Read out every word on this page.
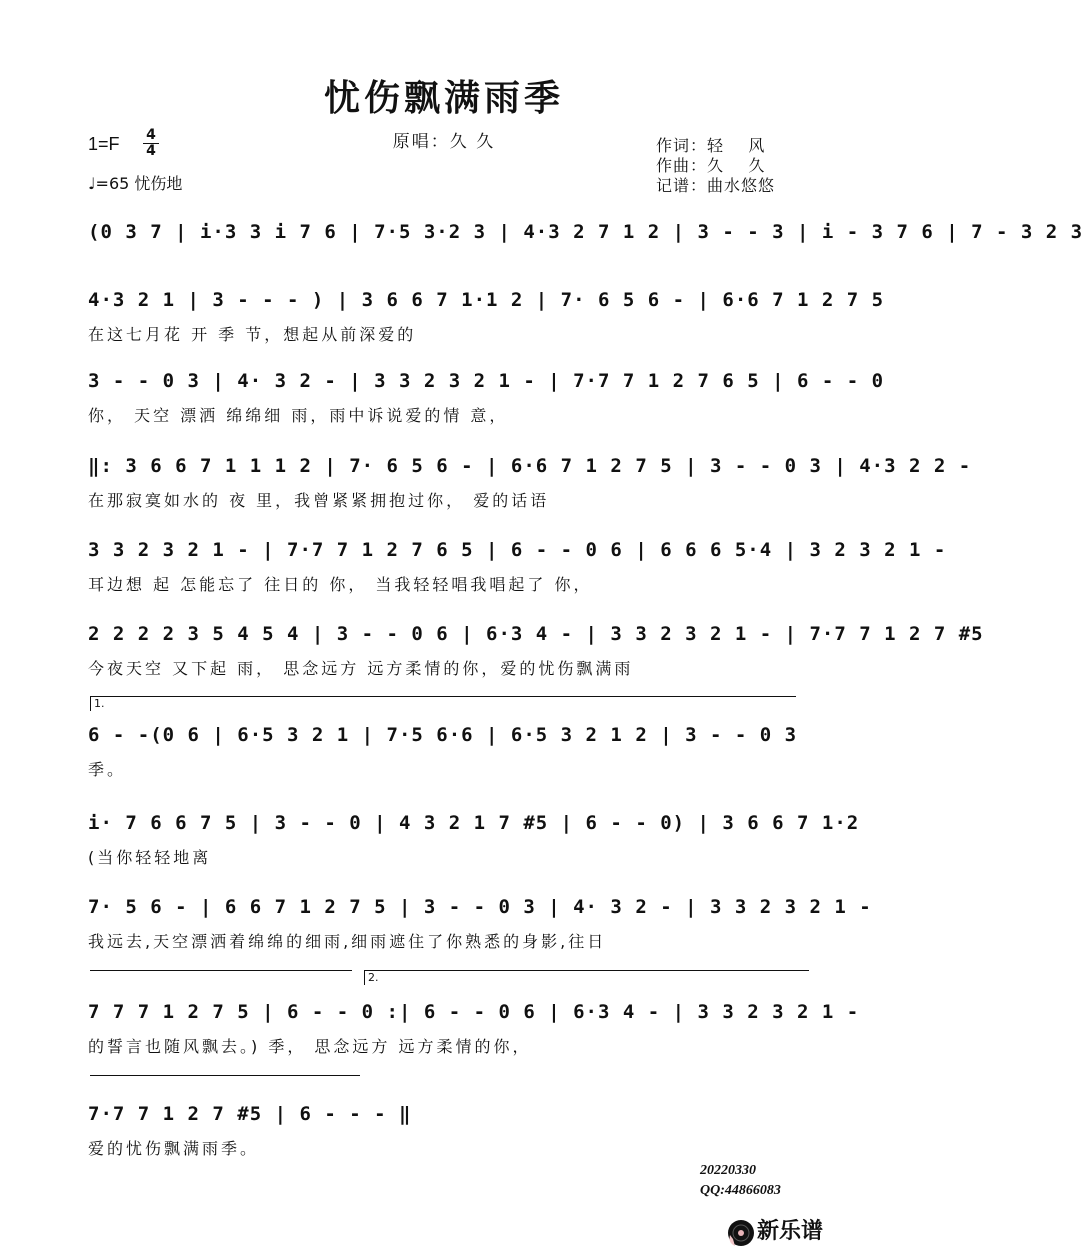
忧伤飘满雨季
原唱：久 久
1=F 4
4
♩=65 忧伤地
作词：轻    风
作曲：久    久
记谱：曲水悠悠
(0 3 7 | i·3 3 i 7 6 | 7·5 3·2 3 | 4·3 2 7 1 2 | 3 - - 3 | i - 3 7 6 | 7 - 3 2 3
4·3 2 1 | 3 - - - ) | 3 6 6 7 1·1 2 | 7· 6 5 6 - | 6·6 7 1 2 7 5
在这七月花 开 季 节，想起从前深爱的
3 - - 0 3 | 4· 3 2 - | 3 3 2 3 2 1 - | 7·7 7 1 2 7 6 5 | 6 - - 0
你， 天空 漂洒 绵绵细 雨，雨中诉说爱的情 意，
‖: 3 6 6 7 1 1 1 2 | 7· 6 5 6 - | 6·6 7 1 2 7 5 | 3 - - 0 3 | 4·3 2 2 -
在那寂寞如水的 夜 里，我曾紧紧拥抱过你， 爱的话语
3 3 2 3 2 1 - | 7·7 7 1 2 7 6 5 | 6 - - 0 6 | 6 6 6 5·4 | 3 2 3 2 1 -
耳边想 起 怎能忘了 往日的 你， 当我轻轻唱我唱起了 你，
2 2 2 2 3 5 4 5 4 | 3 - - 0 6 | 6·3 4 - | 3 3 2 3 2 1 - | 7·7 7 1 2 7 #5
今夜天空 又下起 雨， 思念远方 远方柔情的你，爱的忧伤飘满雨
1.
6 - -(0 6 | 6·5 3 2 1 | 7·5 6·6 | 6·5 3 2 1 2 | 3 - - 0 3
季。
i· 7 6 6 7 5 | 3 - - 0 | 4 3 2 1 7 #5 | 6 - - 0) | 3 6 6 7 1·2
(当你轻轻地离
7· 5 6 - | 6 6 7 1 2 7 5 | 3 - - 0 3 | 4· 3 2 - | 3 3 2 3 2 1 -
我远去,天空漂洒着绵绵的细雨,细雨遮住了你熟悉的身影,往日
2.
7 7 7 1 2 7 5 | 6 - - 0 :| 6 - - 0 6 | 6·3 4 - | 3 3 2 3 2 1 -
的誓言也随风飘去。) 季， 思念远方 远方柔情的你，
7·7 7 1 2 7 #5 | 6 - - - ‖
爱的忧伤飘满雨季。
20220330
QQ:44866083
新乐谱
